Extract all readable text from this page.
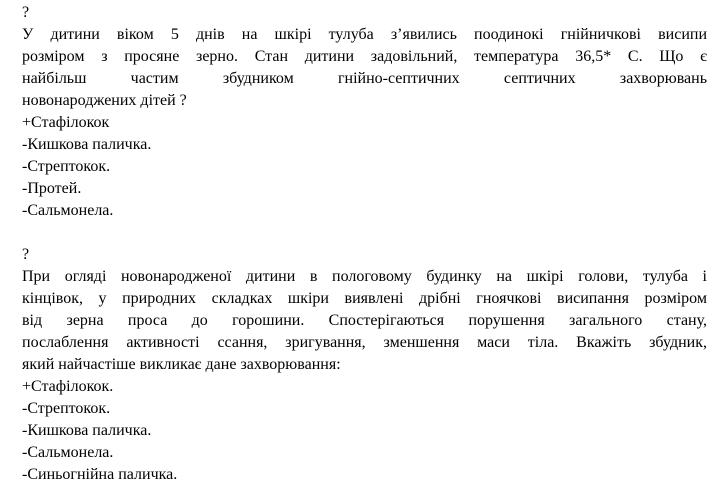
?
У дитини віком 5 днів на шкірі тулуба з’явились поодинокі гнійничкові висипи
розміром з просяне зерно. Стан дитини задовільний, температура 36,5* С. Що є
найбільш частим збудником гнійно-септичних септичних захворювань
новонароджених дітей ?
+Стафілокок
-Кишкова паличка.
-Стрептокок.
-Протей.
-Сальмонела.
?
При огляді новонародженої дитини в пологовому будинку на шкірі голови, тулуба і
кінцівок, у природних складках шкіри виявлені дрібні гноячкові висипання розміром
від зерна проса до горошини. Спостерігаються порушення загального стану,
послаблення активності ссання, зригування, зменшення маси тіла. Вкажіть збудник,
який найчастіше викликає дане захворювання:
+Стафілокок.
-Стрептокок.
-Кишкова паличка.
-Сальмонела.
-Синьогнійна паличка.
